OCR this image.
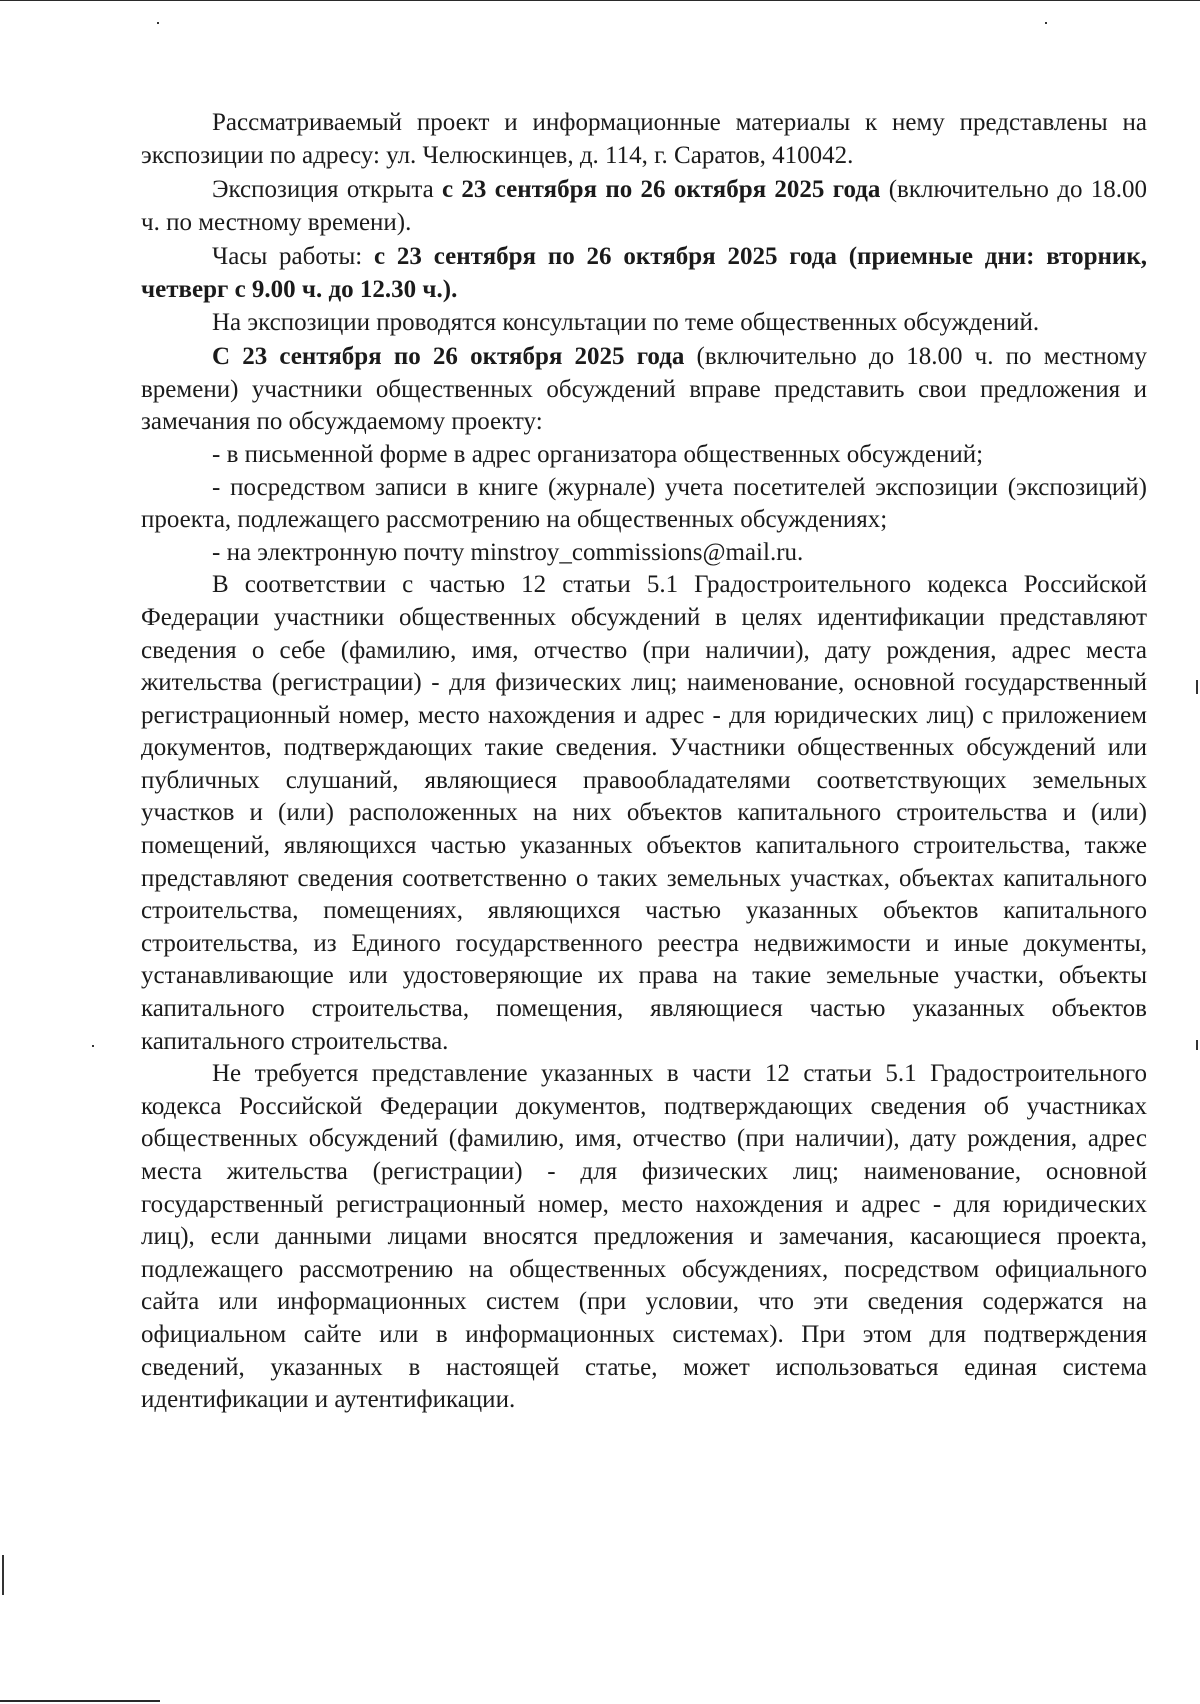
Рассматриваемый проект и информационные материалы к нему представлены на экспозиции по адресу: ул. Челюскинцев, д. 114, г. Саратов, 410042.

Экспозиция открыта с 23 сентября по 26 октября 2025 года (включительно до 18.00 ч. по местному времени).

Часы работы: с 23 сентября по 26 октября 2025 года (приемные дни: вторник, четверг с 9.00 ч. до 12.30 ч.).

На экспозиции проводятся консультации по теме общественных обсуждений.

С 23 сентября по 26 октября 2025 года (включительно до 18.00 ч. по местному времени) участники общественных обсуждений вправе представить свои предложения и замечания по обсуждаемому проекту:

- в письменной форме в адрес организатора общественных обсуждений;

- посредством записи в книге (журнале) учета посетителей экспозиции (экспозиций) проекта, подлежащего рассмотрению на общественных обсуждениях;

- на электронную почту minstroy_commissions@mail.ru.

В соответствии с частью 12 статьи 5.1 Градостроительного кодекса Российской Федерации участники общественных обсуждений в целях идентификации представляют сведения о себе (фамилию, имя, отчество (при наличии), дату рождения, адрес места жительства (регистрации) - для физических лиц; наименование, основной государственный регистрационный номер, место нахождения и адрес - для юридических лиц) с приложением документов, подтверждающих такие сведения. Участники общественных обсуждений или публичных слушаний, являющиеся правообладателями соответствующих земельных участков и (или) расположенных на них объектов капитального строительства и (или) помещений, являющихся частью указанных объектов капитального строительства, также представляют сведения соответственно о таких земельных участках, объектах капитального строительства, помещениях, являющихся частью указанных объектов капитального строительства, из Единого государственного реестра недвижимости и иные документы, устанавливающие или удостоверяющие их права на такие земельные участки, объекты капитального строительства, помещения, являющиеся частью указанных объектов капитального строительства.

Не требуется представление указанных в части 12 статьи 5.1 Градостроительного кодекса Российской Федерации документов, подтверждающих сведения об участниках общественных обсуждений (фамилию, имя, отчество (при наличии), дату рождения, адрес места жительства (регистрации) - для физических лиц; наименование, основной государственный регистрационный номер, место нахождения и адрес - для юридических лиц), если данными лицами вносятся предложения и замечания, касающиеся проекта, подлежащего рассмотрению на общественных обсуждениях, посредством официального сайта или информационных систем (при условии, что эти сведения содержатся на официальном сайте или в информационных системах). При этом для подтверждения сведений, указанных в настоящей статье, может использоваться единая система идентификации и аутентификации.
